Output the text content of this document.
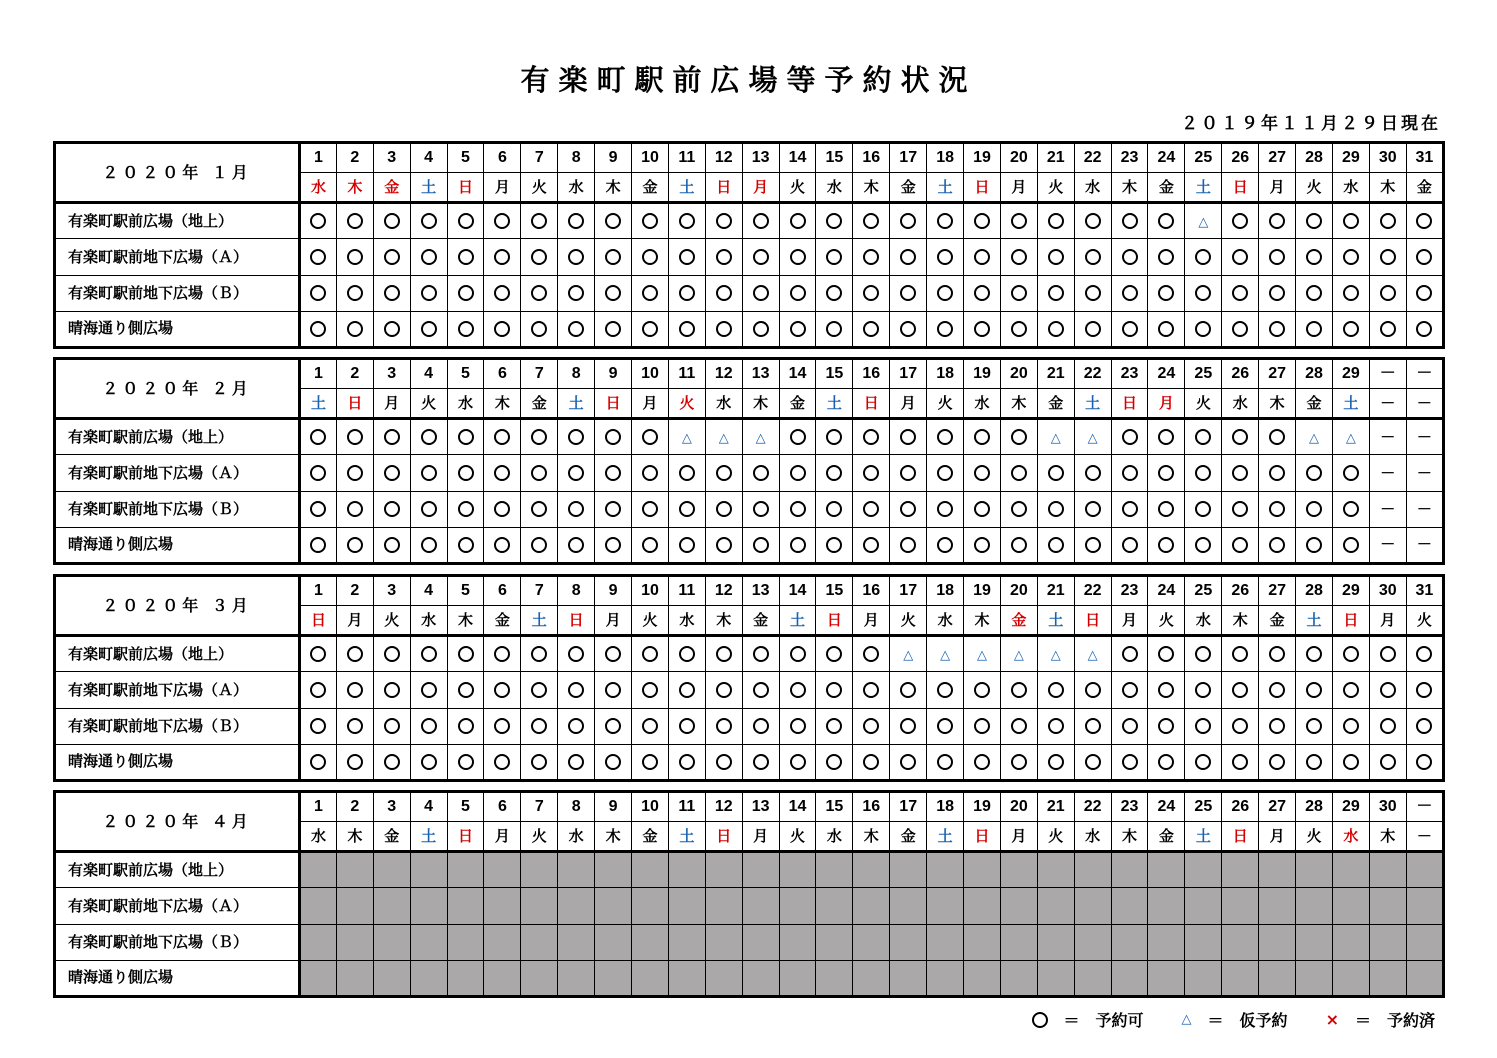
有楽町駅前広場等予約状況
２０１９年１１月２９日現在
２０２０年 １月	1	2	3	4	5	6	7	8	9	10	11	12	13	14	15	16	17	18	19	20	21	22	23	24	25	26	27	28	29	30	31
	水	木	金	土	日	月	火	水	木	金	土	日	月	火	水	木	金	土	日	月	火	水	木	金	土	日	月	火	水	木	金
有楽町駅前広場（地上）																									△						
有楽町駅前地下広場（Ａ）																															
有楽町駅前地下広場（Ｂ）																															
晴海通り側広場																															
２０２０年 ２月	1	2	3	4	5	6	7	8	9	10	11	12	13	14	15	16	17	18	19	20	21	22	23	24	25	26	27	28	29	－	－
	土	日	月	火	水	木	金	土	日	月	火	水	木	金	土	日	月	火	水	木	金	土	日	月	火	水	木	金	土	－	－
有楽町駅前広場（地上）											△	△	△								△	△						△	△	－	－
有楽町駅前地下広場（Ａ）																														－	－
有楽町駅前地下広場（Ｂ）																														－	－
晴海通り側広場																														－	－
２０２０年 ３月	1	2	3	4	5	6	7	8	9	10	11	12	13	14	15	16	17	18	19	20	21	22	23	24	25	26	27	28	29	30	31
	日	月	火	水	木	金	土	日	月	火	水	木	金	土	日	月	火	水	木	金	土	日	月	火	水	木	金	土	日	月	火
有楽町駅前広場（地上）																	△	△	△	△	△	△									
有楽町駅前地下広場（Ａ）																															
有楽町駅前地下広場（Ｂ）																															
晴海通り側広場																															
２０２０年 ４月	1	2	3	4	5	6	7	8	9	10	11	12	13	14	15	16	17	18	19	20	21	22	23	24	25	26	27	28	29	30	－
	水	木	金	土	日	月	火	水	木	金	土	日	月	火	水	木	金	土	日	月	火	水	木	金	土	日	月	火	水	木	－
有楽町駅前広場（地上）																															
有楽町駅前地下広場（Ａ）																															
有楽町駅前地下広場（Ｂ）																															
晴海通り側広場																															
＝ 予約可	△ ＝ 仮予約 × ＝ 予約済
